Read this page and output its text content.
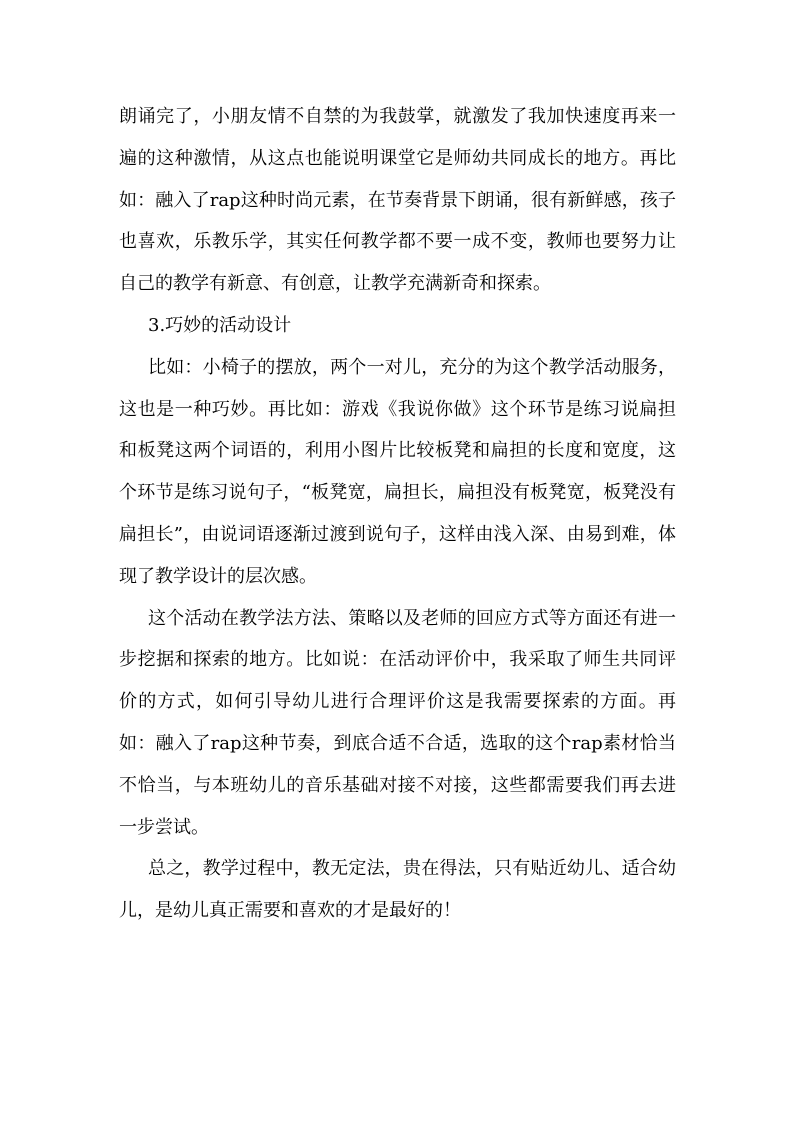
朗诵完了，小朋友情不自禁的为我鼓掌，就激发了我加快速度再来一遍的这种激情，从这点也能说明课堂它是师幼共同成长的地方。再比如：融入了rap这种时尚元素，在节奏背景下朗诵，很有新鲜感，孩子也喜欢，乐教乐学，其实任何教学都不要一成不变，教师也要努力让自己的教学有新意、有创意，让教学充满新奇和探索。

3.巧妙的活动设计

比如：小椅子的摆放，两个一对儿，充分的为这个教学活动服务，这也是一种巧妙。再比如：游戏《我说你做》这个环节是练习说扁担和板凳这两个词语的，利用小图片比较板凳和扁担的长度和宽度，这个环节是练习说句子，“板凳宽，扁担长，扁担没有板凳宽，板凳没有扁担长”，由说词语逐渐过渡到说句子，这样由浅入深、由易到难，体现了教学设计的层次感。

这个活动在教学法方法、策略以及老师的回应方式等方面还有进一步挖据和探索的地方。比如说：在活动评价中，我采取了师生共同评价的方式，如何引导幼儿进行合理评价这是我需要探索的方面。再如：融入了rap这种节奏，到底合适不合适，选取的这个rap素材恰当不恰当，与本班幼儿的音乐基础对接不对接，这些都需要我们再去进一步尝试。

总之，教学过程中，教无定法，贵在得法，只有贴近幼儿、适合幼儿，是幼儿真正需要和喜欢的才是最好的！
